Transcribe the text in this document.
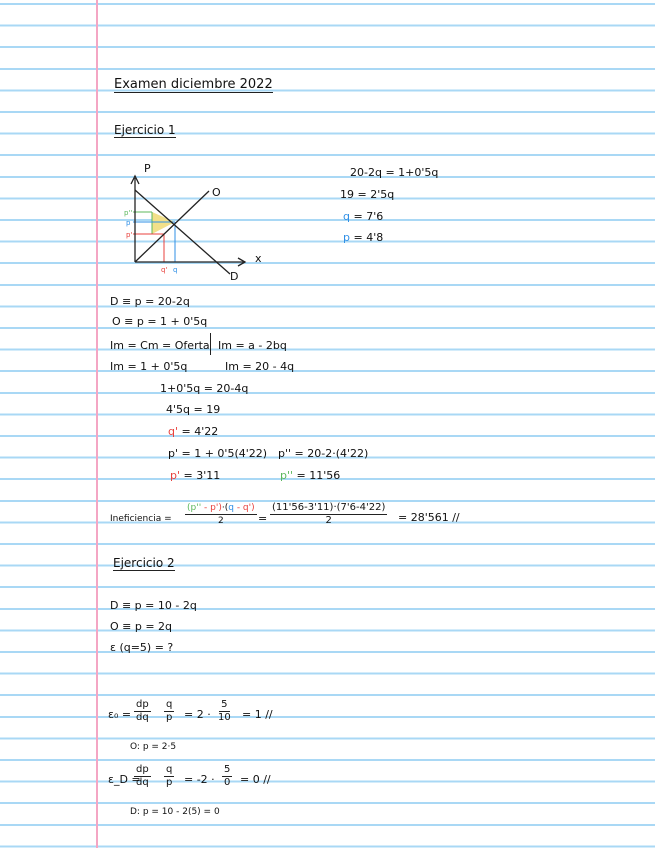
Examen diciembre 2022
Ejercicio 1
P
x
O
D
p''
p
p'
q' q
20-2q = 1+0'5q
19 = 2'5q
q = 7'6
p = 4'8
D ≡ p = 20-2q
O ≡ p = 1 + 0'5q
Im = Cm = Oferta Im = a - 2bq
Im = 1 + 0'5q	Im = 20 - 4q
1+0'5q = 20-4q
4'5q = 19
q' = 4'22
p' = 1 + 0'5(4'22) p'' = 20-2·(4'22)
p' = 3'11	p'' = 11'56
Ineficiencia = $\frac{(p'' - p')\cdot(q - q')}{2} = \frac{(11'56-3'11)\cdot(7'6-4'22)}{2} = 28'561$ //
Ejercicio 2
D ≡ p = 10 - 2q
O ≡ p = 2q
ε (q=5) = ?
$\varepsilon_0 = \frac{dp}{dq} \frac{q}{p} = 2 \cdot \frac{5}{10} = 1$ //
O: p = 2·5
ε_D =
$\frac{dp}{dq} \frac{q}{p} = -2 \cdot \frac{5}{0} = 0$ //
D: p = 10 - 2(5) = 0
